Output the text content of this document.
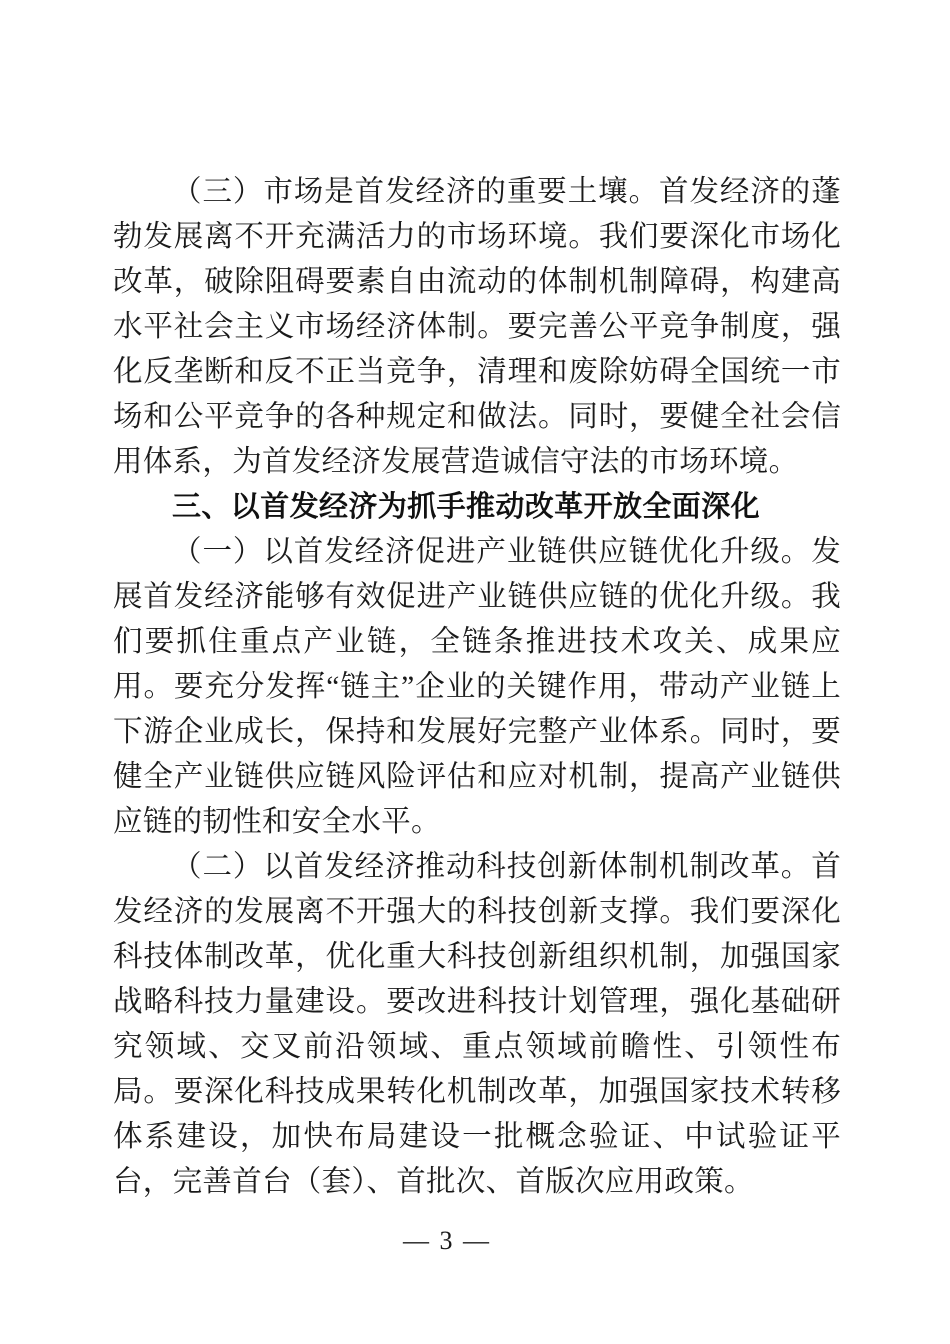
（三）市场是首发经济的重要土壤。首发经济的蓬勃发展离不开充满活力的市场环境。我们要深化市场化改革，破除阻碍要素自由流动的体制机制障碍，构建高水平社会主义市场经济体制。要完善公平竞争制度，强化反垄断和反不正当竞争，清理和废除妨碍全国统一市场和公平竞争的各种规定和做法。同时，要健全社会信用体系，为首发经济发展营造诚信守法的市场环境。

三、以首发经济为抓手推动改革开放全面深化

（一）以首发经济促进产业链供应链优化升级。发展首发经济能够有效促进产业链供应链的优化升级。我们要抓住重点产业链，全链条推进技术攻关、成果应用。要充分发挥“链主”企业的关键作用，带动产业链上下游企业成长，保持和发展好完整产业体系。同时，要健全产业链供应链风险评估和应对机制，提高产业链供应链的韧性和安全水平。

（二）以首发经济推动科技创新体制机制改革。首发经济的发展离不开强大的科技创新支撑。我们要深化科技体制改革，优化重大科技创新组织机制，加强国家战略科技力量建设。要改进科技计划管理，强化基础研究领域、交叉前沿领域、重点领域前瞻性、引领性布局。要深化科技成果转化机制改革，加强国家技术转移体系建设，加快布局建设一批概念验证、中试验证平台，完善首台（套）、首批次、首版次应用政策。

— 3 —
